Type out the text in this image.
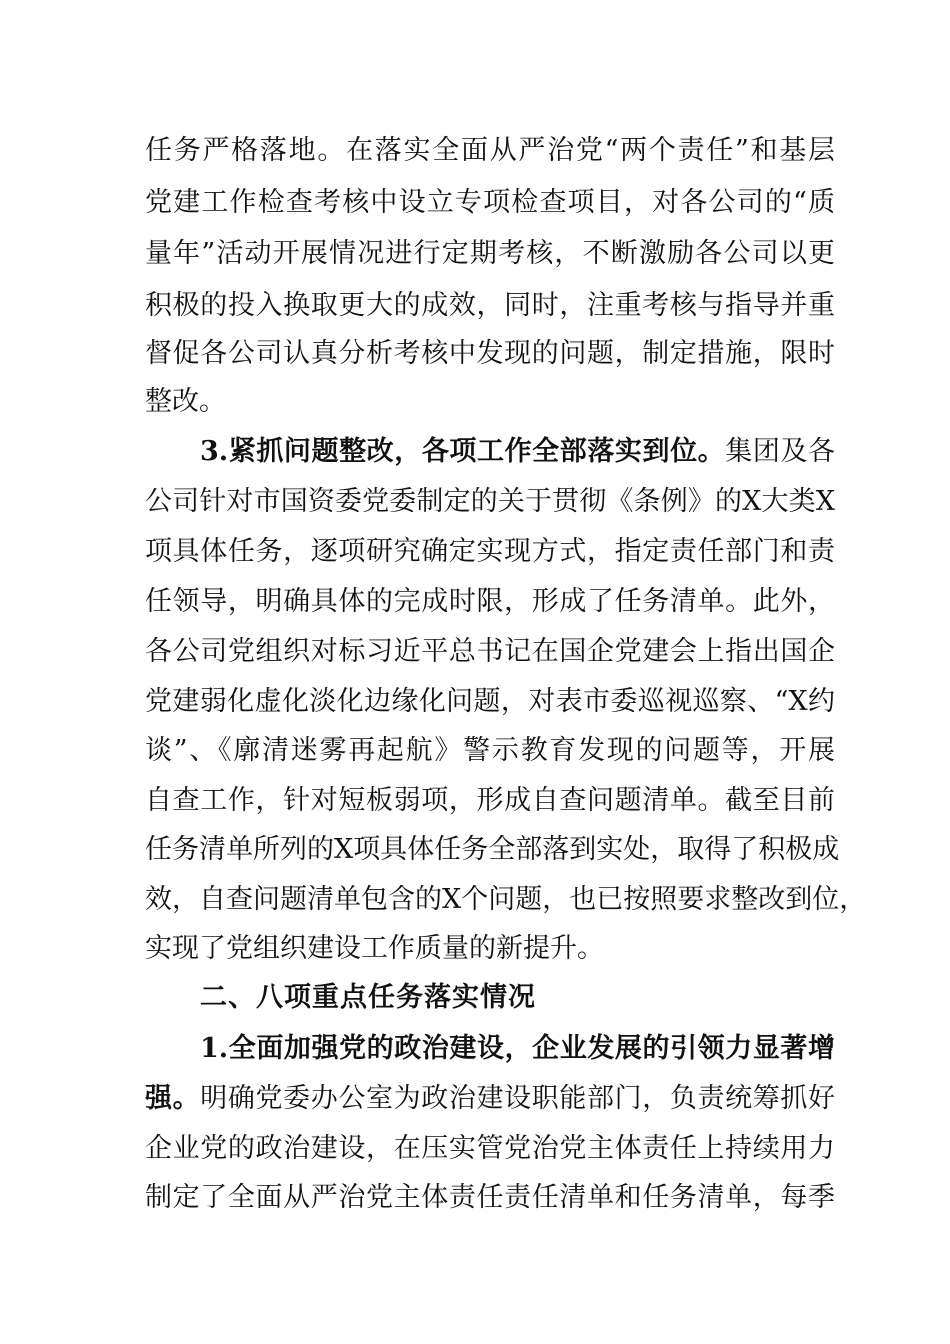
任务严格落地。在落实全面从严治党“两个责任”和基层
党建工作检查考核中设立专项检查项目，对各公司的“质
量年”活动开展情况进行定期考核，不断激励各公司以更
积极的投入换取更大的成效，同时，注重考核与指导并重
督促各公司认真分析考核中发现的问题，制定措施，限时
整改。
3.紧抓问题整改，各项工作全部落实到位。集团及各
公司针对市国资委党委制定的关于贯彻《条例》的X大类X
项具体任务，逐项研究确定实现方式，指定责任部门和责
任领导，明确具体的完成时限，形成了任务清单。此外，
各公司党组织对标习近平总书记在国企党建会上指出国企
党建弱化虚化淡化边缘化问题，对表市委巡视巡察、“X约
谈”、《廓清迷雾再起航》警示教育发现的问题等，开展
自查工作，针对短板弱项，形成自查问题清单。截至目前
任务清单所列的X项具体任务全部落到实处，取得了积极成
效，自查问题清单包含的X个问题，也已按照要求整改到位，
实现了党组织建设工作质量的新提升。
二、八项重点任务落实情况
1.全面加强党的政治建设，企业发展的引领力显著增
强。明确党委办公室为政治建设职能部门，负责统筹抓好
企业党的政治建设，在压实管党治党主体责任上持续用力
制定了全面从严治党主体责任责任清单和任务清单，每季
